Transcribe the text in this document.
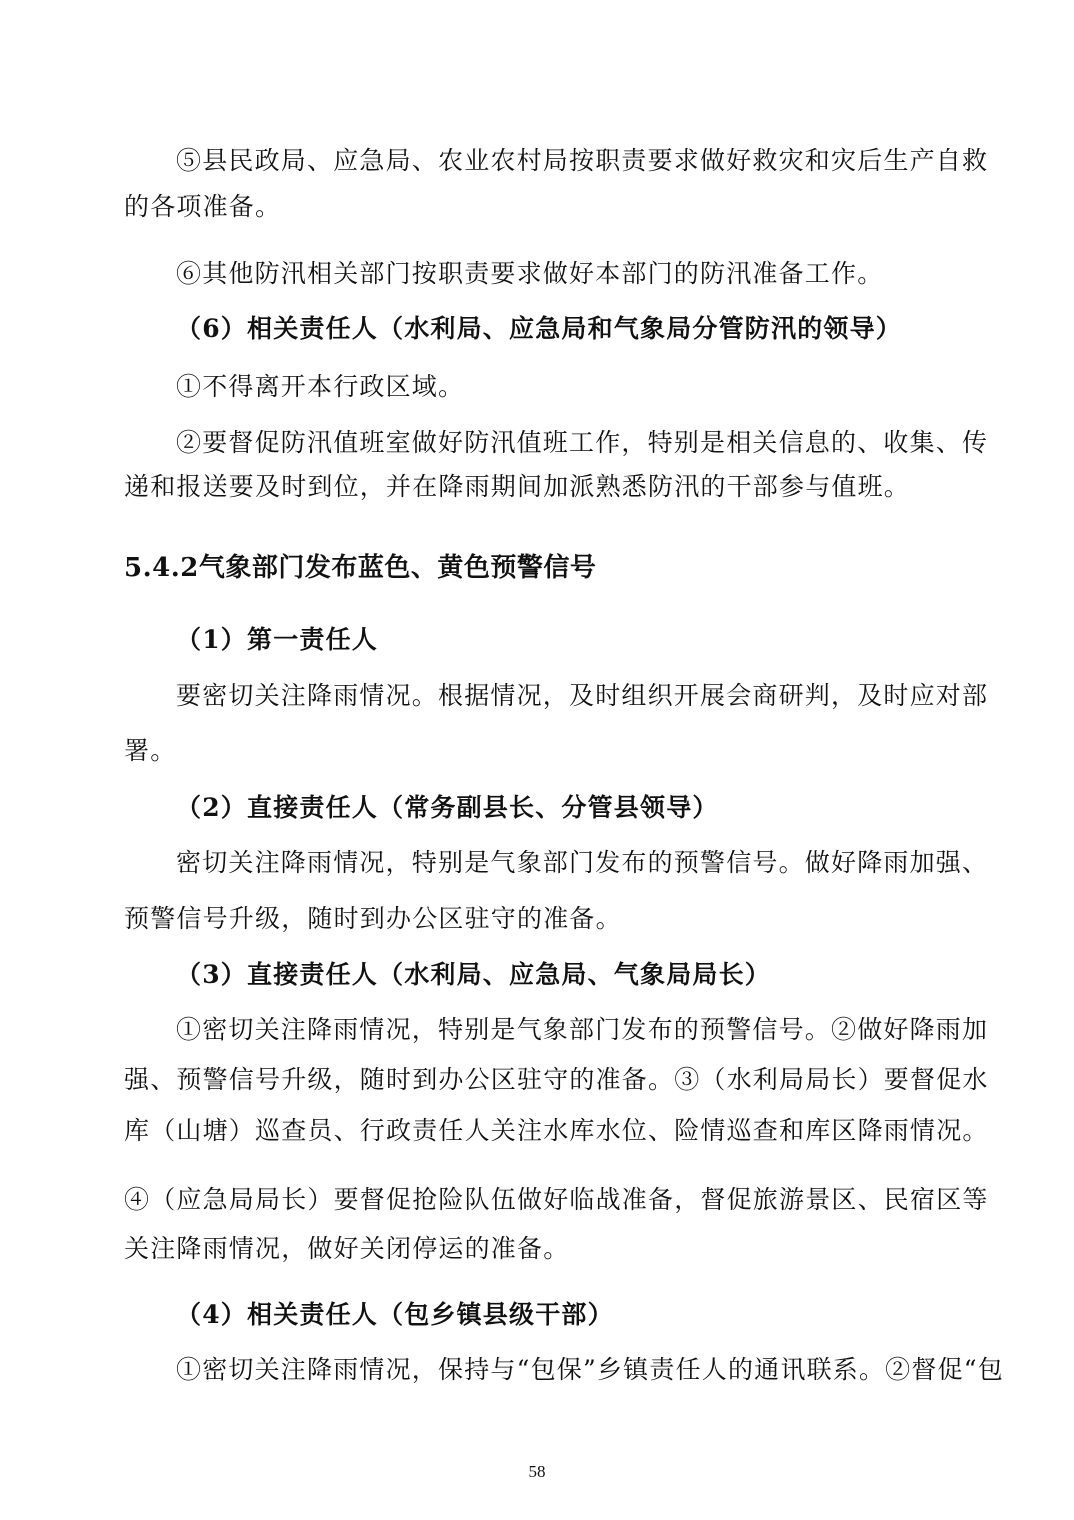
⑤县民政局、应急局、农业农村局按职责要求做好救灾和灾后生产自救
的各项准备。
⑥其他防汛相关部门按职责要求做好本部门的防汛准备工作。
（6）相关责任人（水利局、应急局和气象局分管防汛的领导）
①不得离开本行政区域。
②要督促防汛值班室做好防汛值班工作，特别是相关信息的、收集、传
递和报送要及时到位，并在降雨期间加派熟悉防汛的干部参与值班。
5.4.2气象部门发布蓝色、黄色预警信号
（1）第一责任人
要密切关注降雨情况。根据情况，及时组织开展会商研判，及时应对部
署。
（2）直接责任人（常务副县长、分管县领导）
密切关注降雨情况，特别是气象部门发布的预警信号。做好降雨加强、
预警信号升级，随时到办公区驻守的准备。
（3）直接责任人（水利局、应急局、气象局局长）
①密切关注降雨情况，特别是气象部门发布的预警信号。②做好降雨加
强、预警信号升级，随时到办公区驻守的准备。③（水利局局长）要督促水
库（山塘）巡查员、行政责任人关注水库水位、险情巡查和库区降雨情况。
④（应急局局长）要督促抢险队伍做好临战准备，督促旅游景区、民宿区等
关注降雨情况，做好关闭停运的准备。
（4）相关责任人（包乡镇县级干部）
①密切关注降雨情况，保持与“包保”乡镇责任人的通讯联系。②督促“包
58
